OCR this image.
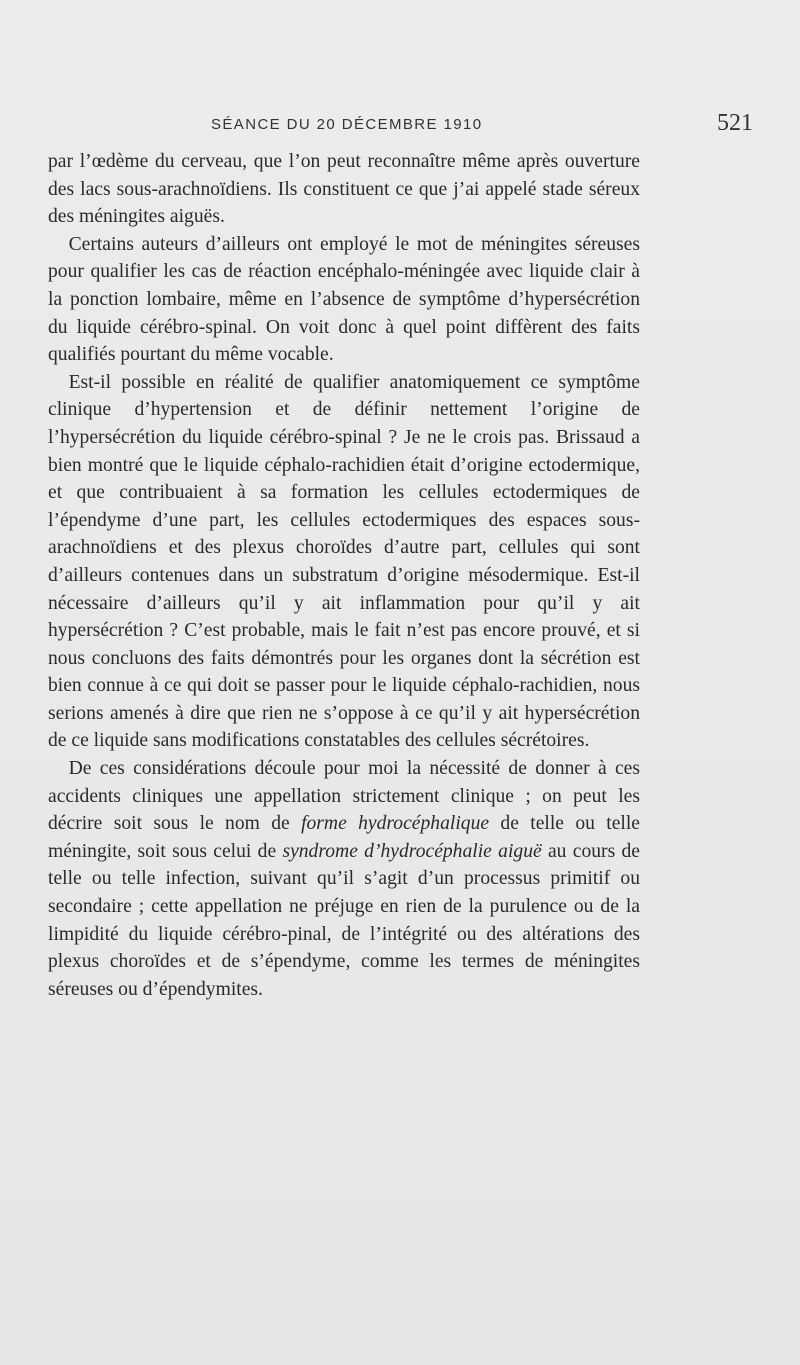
SÉANCE DU 20 DÉCEMBRE 1910	521

par l’œdème du cerveau, que l’on peut reconnaître même après ouverture des lacs sous-arachnoïdiens. Ils constituent ce que j’ai appelé stade séreux des méningites aiguës.

Certains auteurs d’ailleurs ont employé le mot de méningites séreuses pour qualifier les cas de réaction encéphalo-méningée avec liquide clair à la ponction lombaire, même en l’absence de symptôme d’hypersécrétion du liquide cérébro-spinal. On voit donc à quel point diffèrent des faits qualifiés pourtant du même vocable.

Est-il possible en réalité de qualifier anatomiquement ce symptôme clinique d’hypertension et de définir nettement l’origine de l’hypersécrétion du liquide cérébro-spinal ? Je ne le crois pas. Brissaud a bien montré que le liquide céphalo-rachidien était d’origine ectodermique, et que contribuaient à sa formation les cellules ectodermiques de l’épendyme d’une part, les cellules ectodermiques des espaces sous-arachnoïdiens et des plexus choroïdes d’autre part, cellules qui sont d’ailleurs contenues dans un substratum d’origine mésodermique. Est-il nécessaire d’ailleurs qu’il y ait inflammation pour qu’il y ait hypersécrétion ? C’est probable, mais le fait n’est pas encore prouvé, et si nous concluons des faits démontrés pour les organes dont la sécrétion est bien connue à ce qui doit se passer pour le liquide céphalo-rachidien, nous serions amenés à dire que rien ne s’oppose à ce qu’il y ait hypersécrétion de ce liquide sans modifications constatables des cellules sécrétoires.

De ces considérations découle pour moi la nécessité de donner à ces accidents cliniques une appellation strictement clinique ; on peut les décrire soit sous le nom de forme hydrocéphalique de telle ou telle méningite, soit sous celui de syndrome d’hydrocéphalie aiguë au cours de telle ou telle infection, suivant qu’il s’agit d’un processus primitif ou secondaire ; cette appellation ne préjuge en rien de la purulence ou de la limpidité du liquide cérébro-pinal, de l’intégrité ou des altérations des plexus choroïdes et de s’épendyme, comme les termes de méningites séreuses ou d’épendymites.
